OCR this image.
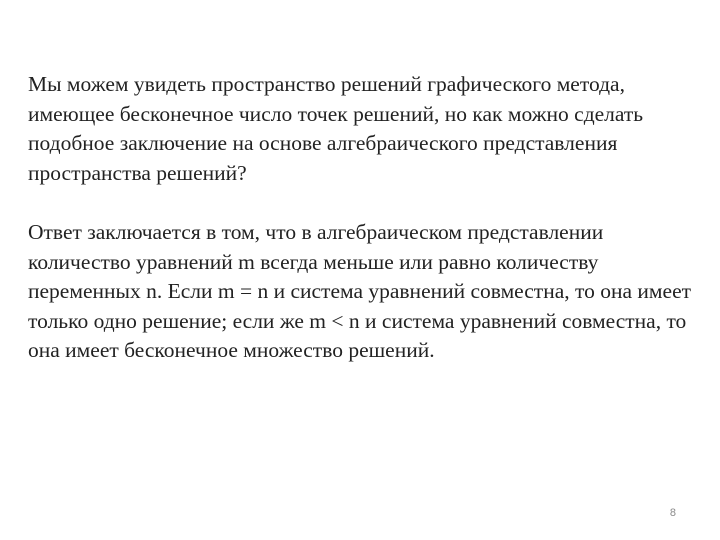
Мы можем увидеть пространство решений графического метода, имеющее бесконечное число точек решений, но как можно сделать подобное заключение на основе алгебраического представления пространства решений?

Ответ заключается в том, что в алгебраическом представлении количество уравнений m всегда меньше или равно количеству переменных n. Если m = n и система уравнений совместна, то она имеет только одно решение; если же m < n и система уравнений совместна, то она имеет бесконечное множество решений.

8
